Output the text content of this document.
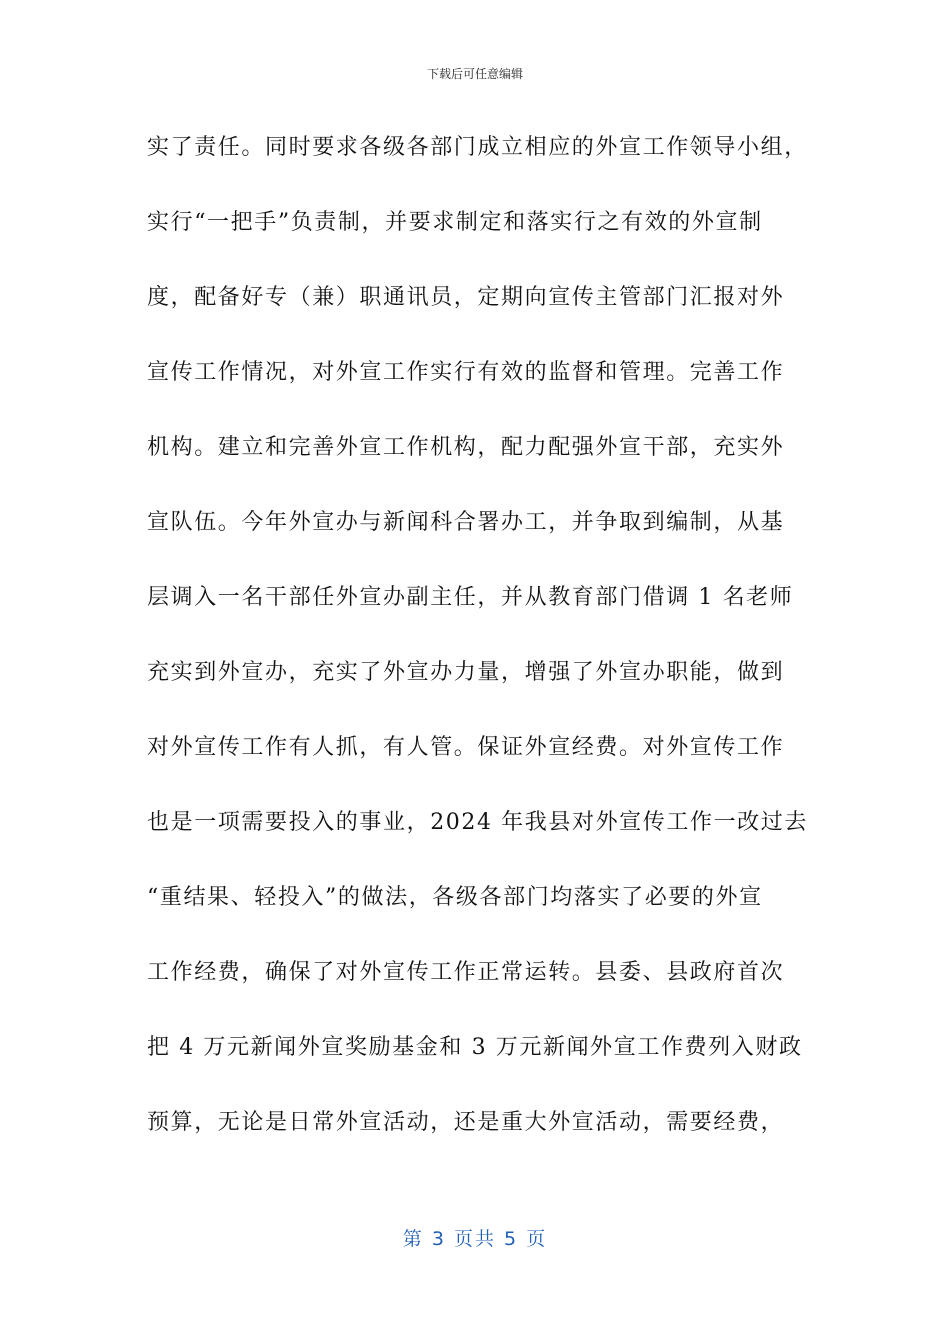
下载后可任意编辑
实了责任。同时要求各级各部门成立相应的外宣工作领导小组，
实行“一把手”负责制，并要求制定和落实行之有效的外宣制
度，配备好专（兼）职通讯员，定期向宣传主管部门汇报对外
宣传工作情况，对外宣工作实行有效的监督和管理。完善工作
机构。建立和完善外宣工作机构，配力配强外宣干部，充实外
宣队伍。今年外宣办与新闻科合署办工，并争取到编制，从基
层调入一名干部任外宣办副主任，并从教育部门借调 1 名老师
充实到外宣办，充实了外宣办力量，增强了外宣办职能，做到
对外宣传工作有人抓，有人管。保证外宣经费。对外宣传工作
也是一项需要投入的事业，2024 年我县对外宣传工作一改过去
“重结果、轻投入”的做法，各级各部门均落实了必要的外宣
工作经费，确保了对外宣传工作正常运转。县委、县政府首次
把 4 万元新闻外宣奖励基金和 3 万元新闻外宣工作费列入财政
预算，无论是日常外宣活动，还是重大外宣活动，需要经费，
第 3 页共 5 页
